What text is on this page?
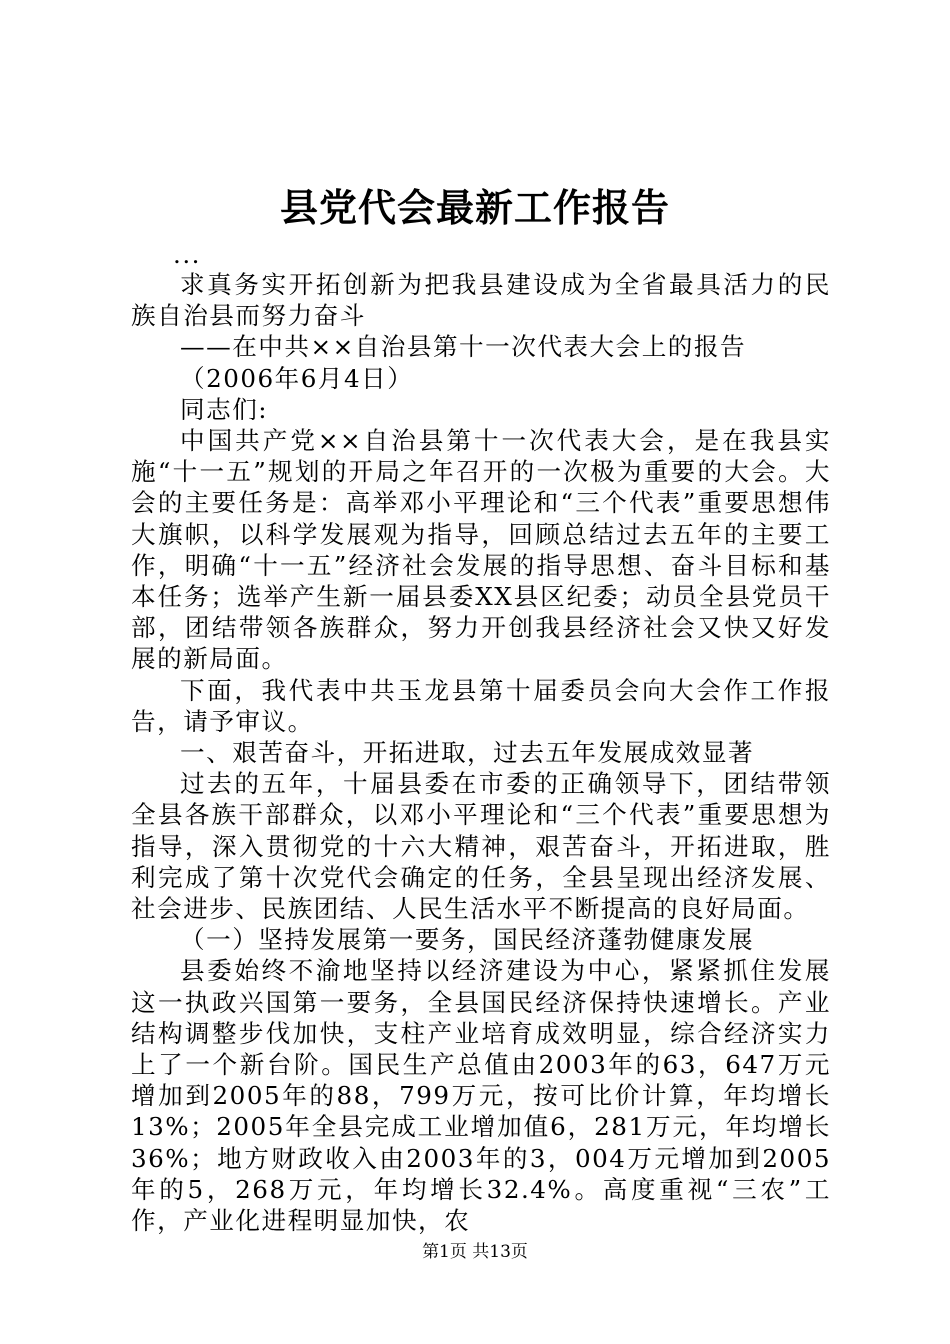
县党代会最新工作报告

...

求真务实开拓创新为把我县建设成为全省最具活力的民族自治县而努力奋斗

——在中共××自治县第十一次代表大会上的报告

（2006年6月4日）

同志们:

中国共产党××自治县第十一次代表大会，是在我县实施“十一五”规划的开局之年召开的一次极为重要的大会。大会的主要任务是：高举邓小平理论和“三个代表”重要思想伟大旗帜，以科学发展观为指导，回顾总结过去五年的主要工作，明确“十一五”经济社会发展的指导思想、奋斗目标和基本任务；选举产生新一届县委XX县区纪委；动员全县党员干部，团结带领各族群众，努力开创我县经济社会又快又好发展的新局面。

下面，我代表中共玉龙县第十届委员会向大会作工作报告，请予审议。

一、艰苦奋斗，开拓进取，过去五年发展成效显著

过去的五年，十届县委在市委的正确领导下，团结带领全县各族干部群众，以邓小平理论和“三个代表”重要思想为指导，深入贯彻党的十六大精神，艰苦奋斗，开拓进取，胜利完成了第十次党代会确定的任务，全县呈现出经济发展、社会进步、民族团结、人民生活水平不断提高的良好局面。

（一）坚持发展第一要务，国民经济蓬勃健康发展

县委始终不渝地坚持以经济建设为中心，紧紧抓住发展这一执政兴国第一要务，全县国民经济保持快速增长。产业结构调整步伐加快，支柱产业培育成效明显，综合经济实力上了一个新台阶。国民生产总值由2003年的63，647万元增加到2005年的88，799万元，按可比价计算，年均增长13%；2005年全县完成工业增加值6，281万元，年均增长36%；地方财政收入由2003年的3，004万元增加到2005年的5，268万元，年均增长32.4%。高度重视“三农”工作，产业化进程明显加快，农

第1页 共13页
